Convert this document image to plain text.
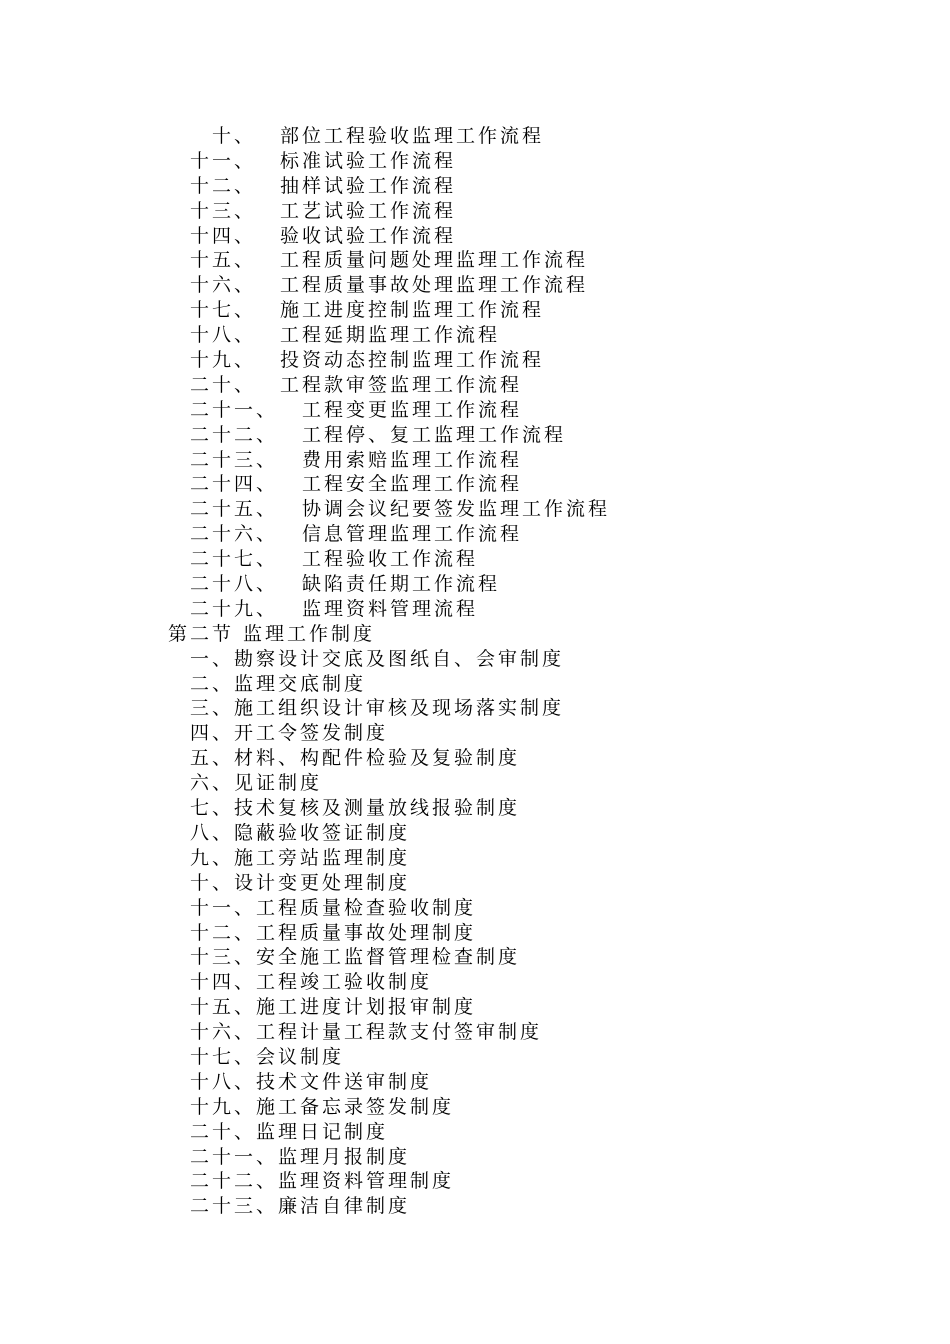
十、 部位工程验收监理工作流程
十一、 标准试验工作流程
十二、 抽样试验工作流程
十三、 工艺试验工作流程
十四、 验收试验工作流程
十五、 工程质量问题处理监理工作流程
十六、 工程质量事故处理监理工作流程
十七、 施工进度控制监理工作流程
十八、 工程延期监理工作流程
十九、 投资动态控制监理工作流程
二十、 工程款审签监理工作流程
二十一、 工程变更监理工作流程
二十二、 工程停、复工监理工作流程
二十三、 费用索赔监理工作流程
二十四、 工程安全监理工作流程
二十五、 协调会议纪要签发监理工作流程
二十六、 信息管理监理工作流程
二十七、 工程验收工作流程
二十八、 缺陷责任期工作流程
二十九、 监理资料管理流程
第二节 监理工作制度
一、勘察设计交底及图纸自、会审制度
二、监理交底制度
三、施工组织设计审核及现场落实制度
四、开工令签发制度
五、材料、构配件检验及复验制度
六、见证制度
七、技术复核及测量放线报验制度
八、隐蔽验收签证制度
九、施工旁站监理制度
十、设计变更处理制度
十一、工程质量检查验收制度
十二、工程质量事故处理制度
十三、安全施工监督管理检查制度
十四、工程竣工验收制度
十五、施工进度计划报审制度
十六、工程计量工程款支付签审制度
十七、会议制度
十八、技术文件送审制度
十九、施工备忘录签发制度
二十、监理日记制度
二十一、监理月报制度
二十二、监理资料管理制度
二十三、廉洁自律制度
